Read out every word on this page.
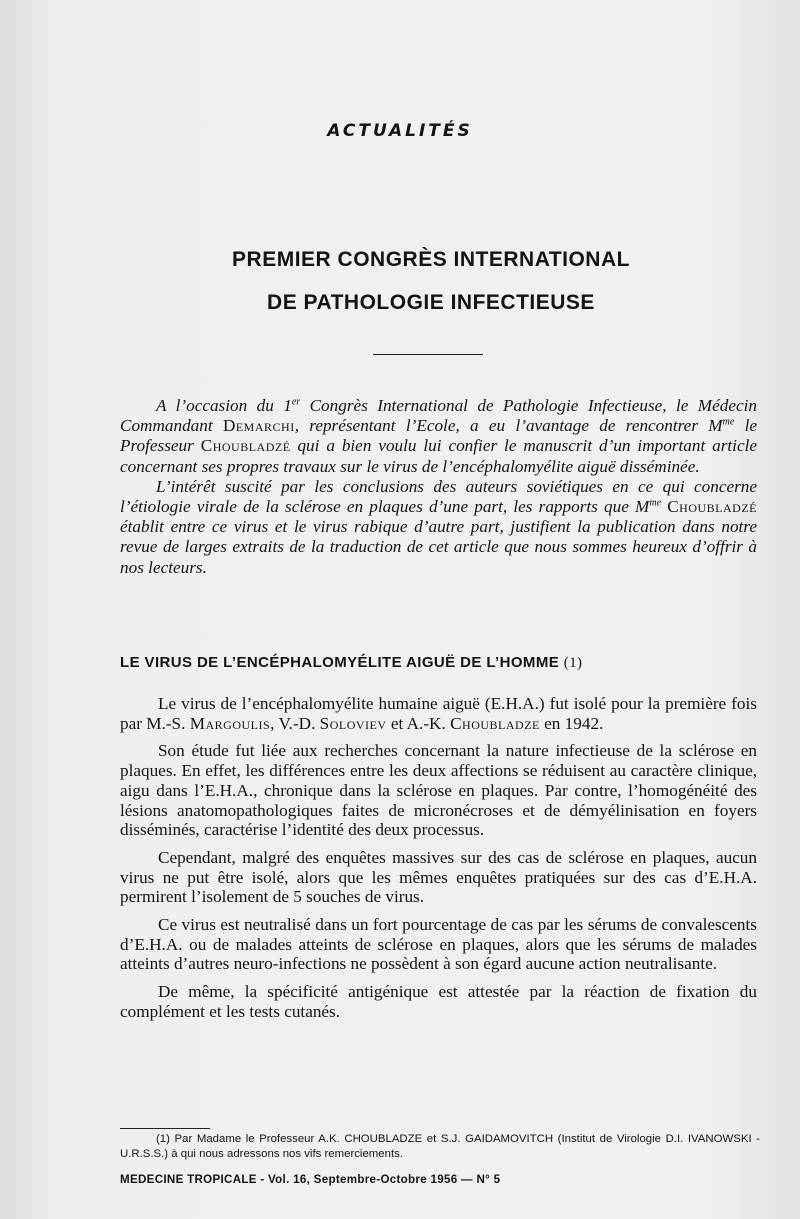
ACTUALITÉS
PREMIER CONGRÈS INTERNATIONAL
DE PATHOLOGIE INFECTIEUSE

A l’occasion du 1er Congrès International de Pathologie Infectieuse, le Médecin Commandant Demarchi, représentant l’Ecole, a eu l’avantage de rencontrer $M^{me}$ le Professeur Choubladzé qui a bien voulu lui confier le manuscrit d’un important article concernant ses propres travaux sur le virus de l’encéphalomyélite aiguë disséminée.

L’intérêt suscité par les conclusions des auteurs soviétiques en ce qui concerne l’étiologie virale de la sclérose en plaques d’une part, les rapports que $M^{me}$ Choubladzé établit entre ce virus et le virus rabique d’autre part, justifient la publication dans notre revue de larges extraits de la traduction de cet article que nous sommes heureux d’offrir à nos lecteurs.

LE VIRUS DE L’ENCÉPHALOMYÉLITE AIGUË DE L’HOMME (1)

Le virus de l’encéphalomyélite humaine aiguë (E.H.A.) fut isolé pour la première fois par M.-S. Margoulis, V.-D. Soloviev et A.-K. Choubladze en 1942.

Son étude fut liée aux recherches concernant la nature infectieuse de la sclérose en plaques. En effet, les différences entre les deux affections se réduisent au caractère clinique, aigu dans l’E.H.A., chronique dans la sclérose en plaques. Par contre, l’homogénéité des lésions anatomopathologiques faites de micronécroses et de démyélinisation en foyers disséminés, caractérise l’identité des deux processus.

Cependant, malgré des enquêtes massives sur des cas de sclérose en plaques, aucun virus ne put être isolé, alors que les mêmes enquêtes pratiquées sur des cas d’E.H.A. permirent l’isolement de 5 souches de virus.

Ce virus est neutralisé dans un fort pourcentage de cas par les sérums de convalescents d’E.H.A. ou de malades atteints de sclérose en plaques, alors que les sérums de malades atteints d’autres neuro-infections ne possèdent à son égard aucune action neutralisante.

De même, la spécificité antigénique est attestée par la réaction de fixation du complément et les tests cutanés.

(1) Par Madame le Professeur A.K. CHOUBLADZE et S.J. GAIDAMOVITCH (Institut de Virologie D.I. IVANOWSKI - U.R.S.S.) à qui nous adressons nos vifs remerciements.
MEDECINE TROPICALE - Vol. 16, Septembre-Octobre 1956 — N° 5
